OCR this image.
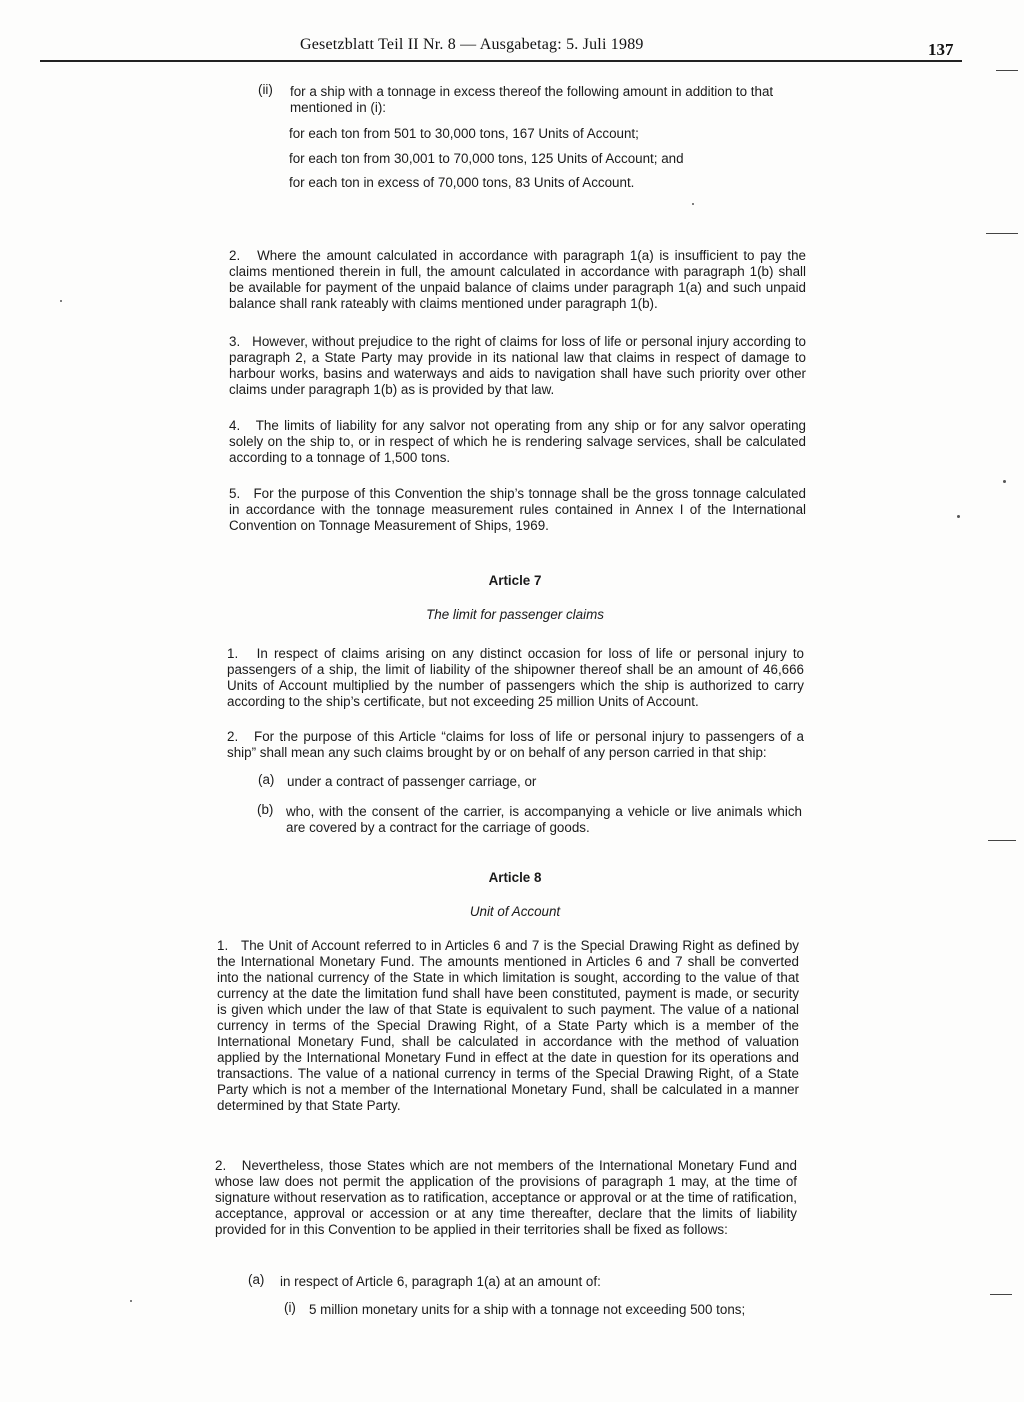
Gesetzblatt Teil II Nr. 8 — Ausgabetag: 5. Juli 1989	137
(ii) for a ship with a tonnage in excess thereof the following amount in addition to that mentioned in (i):
for each ton from 501 to 30,000 tons, 167 Units of Account;
for each ton from 30,001 to 70,000 tons, 125 Units of Account; and
for each ton in excess of 70,000 tons, 83 Units of Account.
2.   Where the amount calculated in accordance with paragraph 1(a) is insufficient to pay the claims mentioned therein in full, the amount calculated in accordance with paragraph 1(b) shall be available for payment of the unpaid balance of claims under paragraph 1(a) and such unpaid balance shall rank rateably with claims mentioned under paragraph 1(b).
3.   However, without prejudice to the right of claims for loss of life or personal injury according to paragraph 2, a State Party may provide in its national law that claims in respect of damage to harbour works, basins and waterways and aids to navigation shall have such priority over other claims under paragraph 1(b) as is provided by that law.
4.   The limits of liability for any salvor not operating from any ship or for any salvor operating solely on the ship to, or in respect of which he is rendering salvage services, shall be calculated according to a tonnage of 1,500 tons.
5.   For the purpose of this Convention the ship’s tonnage shall be the gross tonnage calculated in accordance with the tonnage measurement rules contained in Annex I of the International Convention on Tonnage Measurement of Ships, 1969.
Article 7
The limit for passenger claims
1.   In respect of claims arising on any distinct occasion for loss of life or personal injury to passengers of a ship, the limit of liability of the shipowner thereof shall be an amount of 46,666 Units of Account multiplied by the number of passengers which the ship is authorized to carry according to the ship’s certificate, but not exceeding 25 million Units of Account.
2.   For the purpose of this Article “claims for loss of life or personal injury to passengers of a ship” shall mean any such claims brought by or on behalf of any person carried in that ship:
(a) under a contract of passenger carriage, or
(b) who, with the consent of the carrier, is accompanying a vehicle or live animals which are covered by a contract for the carriage of goods.
Article 8
Unit of Account
1.   The Unit of Account referred to in Articles 6 and 7 is the Special Drawing Right as defined by the International Monetary Fund. The amounts mentioned in Articles 6 and 7 shall be converted into the national currency of the State in which limitation is sought, according to the value of that currency at the date the limitation fund shall have been constituted, payment is made, or security is given which under the law of that State is equivalent to such payment. The value of a national currency in terms of the Special Drawing Right, of a State Party which is a member of the International Monetary Fund, shall be calculated in accordance with the method of valuation applied by the International Monetary Fund in effect at the date in question for its operations and transactions. The value of a national currency in terms of the Special Drawing Right, of a State Party which is not a member of the International Monetary Fund, shall be calculated in a manner determined by that State Party.
2.   Nevertheless, those States which are not members of the International Monetary Fund and whose law does not permit the application of the provisions of paragraph 1 may, at the time of signature without reservation as to ratification, acceptance or approval or at the time of ratification, acceptance, approval or accession or at any time thereafter, declare that the limits of liability provided for in this Convention to be applied in their territories shall be fixed as follows:
(a) in respect of Article 6, paragraph 1(a) at an amount of:
(i) 5 million monetary units for a ship with a tonnage not exceeding 500 tons;
